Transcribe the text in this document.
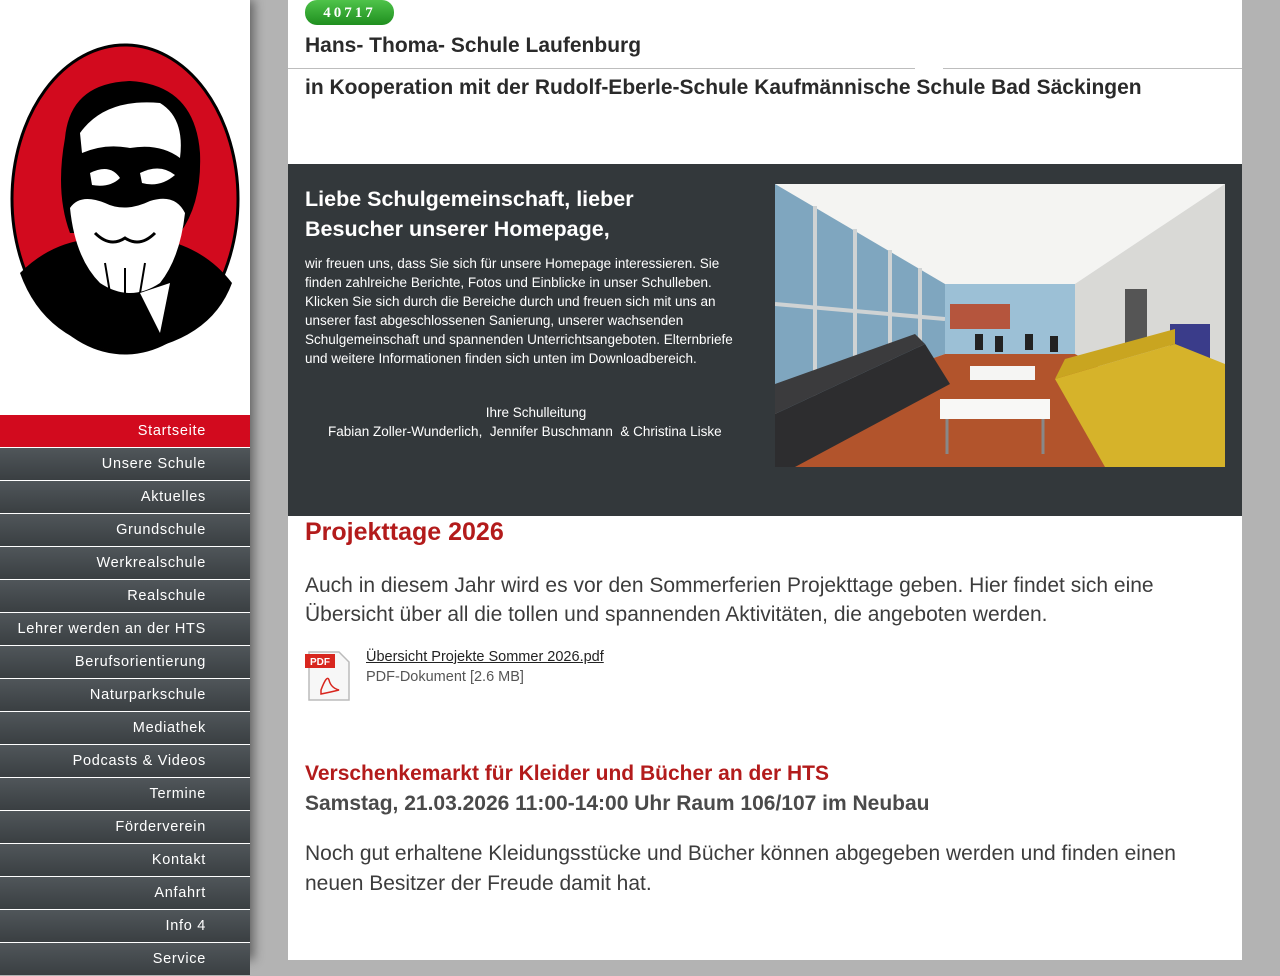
Startseite
Unsere Schule
Aktuelles
Grundschule
Werkrealschule
Realschule
Lehrer werden an der HTS
Berufsorientierung
Naturparkschule
Mediathek
Podcasts & Videos
Termine
Förderverein
Kontakt
Anfahrt
Info 4
Service
40717
Hans- Thoma- Schule Laufenburg
in Kooperation mit der Rudolf-Eberle-Schule Kaufmännische Schule Bad Säckingen
Liebe Schulgemeinschaft, lieber Besucher unserer Homepage,

wir freuen uns, dass Sie sich für unsere Homepage interessieren. Sie finden zahlreiche Berichte, Fotos und Einblicke in unser Schulleben. Klicken Sie sich durch die Bereiche durch und freuen sich mit uns an unserer fast abgeschlossenen Sanierung, unserer wachsenden Schulgemeinschaft und spannenden Unterrichtsangeboten. Elternbriefe und weitere Informationen finden sich unten im Downloadbereich.

Ihre Schulleitung
Fabian Zoller-Wunderlich,  Jennifer Buschmann  & Christina Liske
Projekttage 2026

Auch in diesem Jahr wird es vor den Sommerferien Projekttage geben. Hier findet sich eine Übersicht über all die tollen und spannenden Aktivitäten, die angeboten werden.

PDF Übersicht Projekte Sommer 2026.pdf
PDF-Dokument [2.6 MB]
Verschenkemarkt für Kleider und Bücher an der HTS
Samstag, 21.03.2026 11:00-14:00 Uhr Raum 106/107 im Neubau

Noch gut erhaltene Kleidungsstücke und Bücher können abgegeben werden und finden einen neuen Besitzer der Freude damit hat.
